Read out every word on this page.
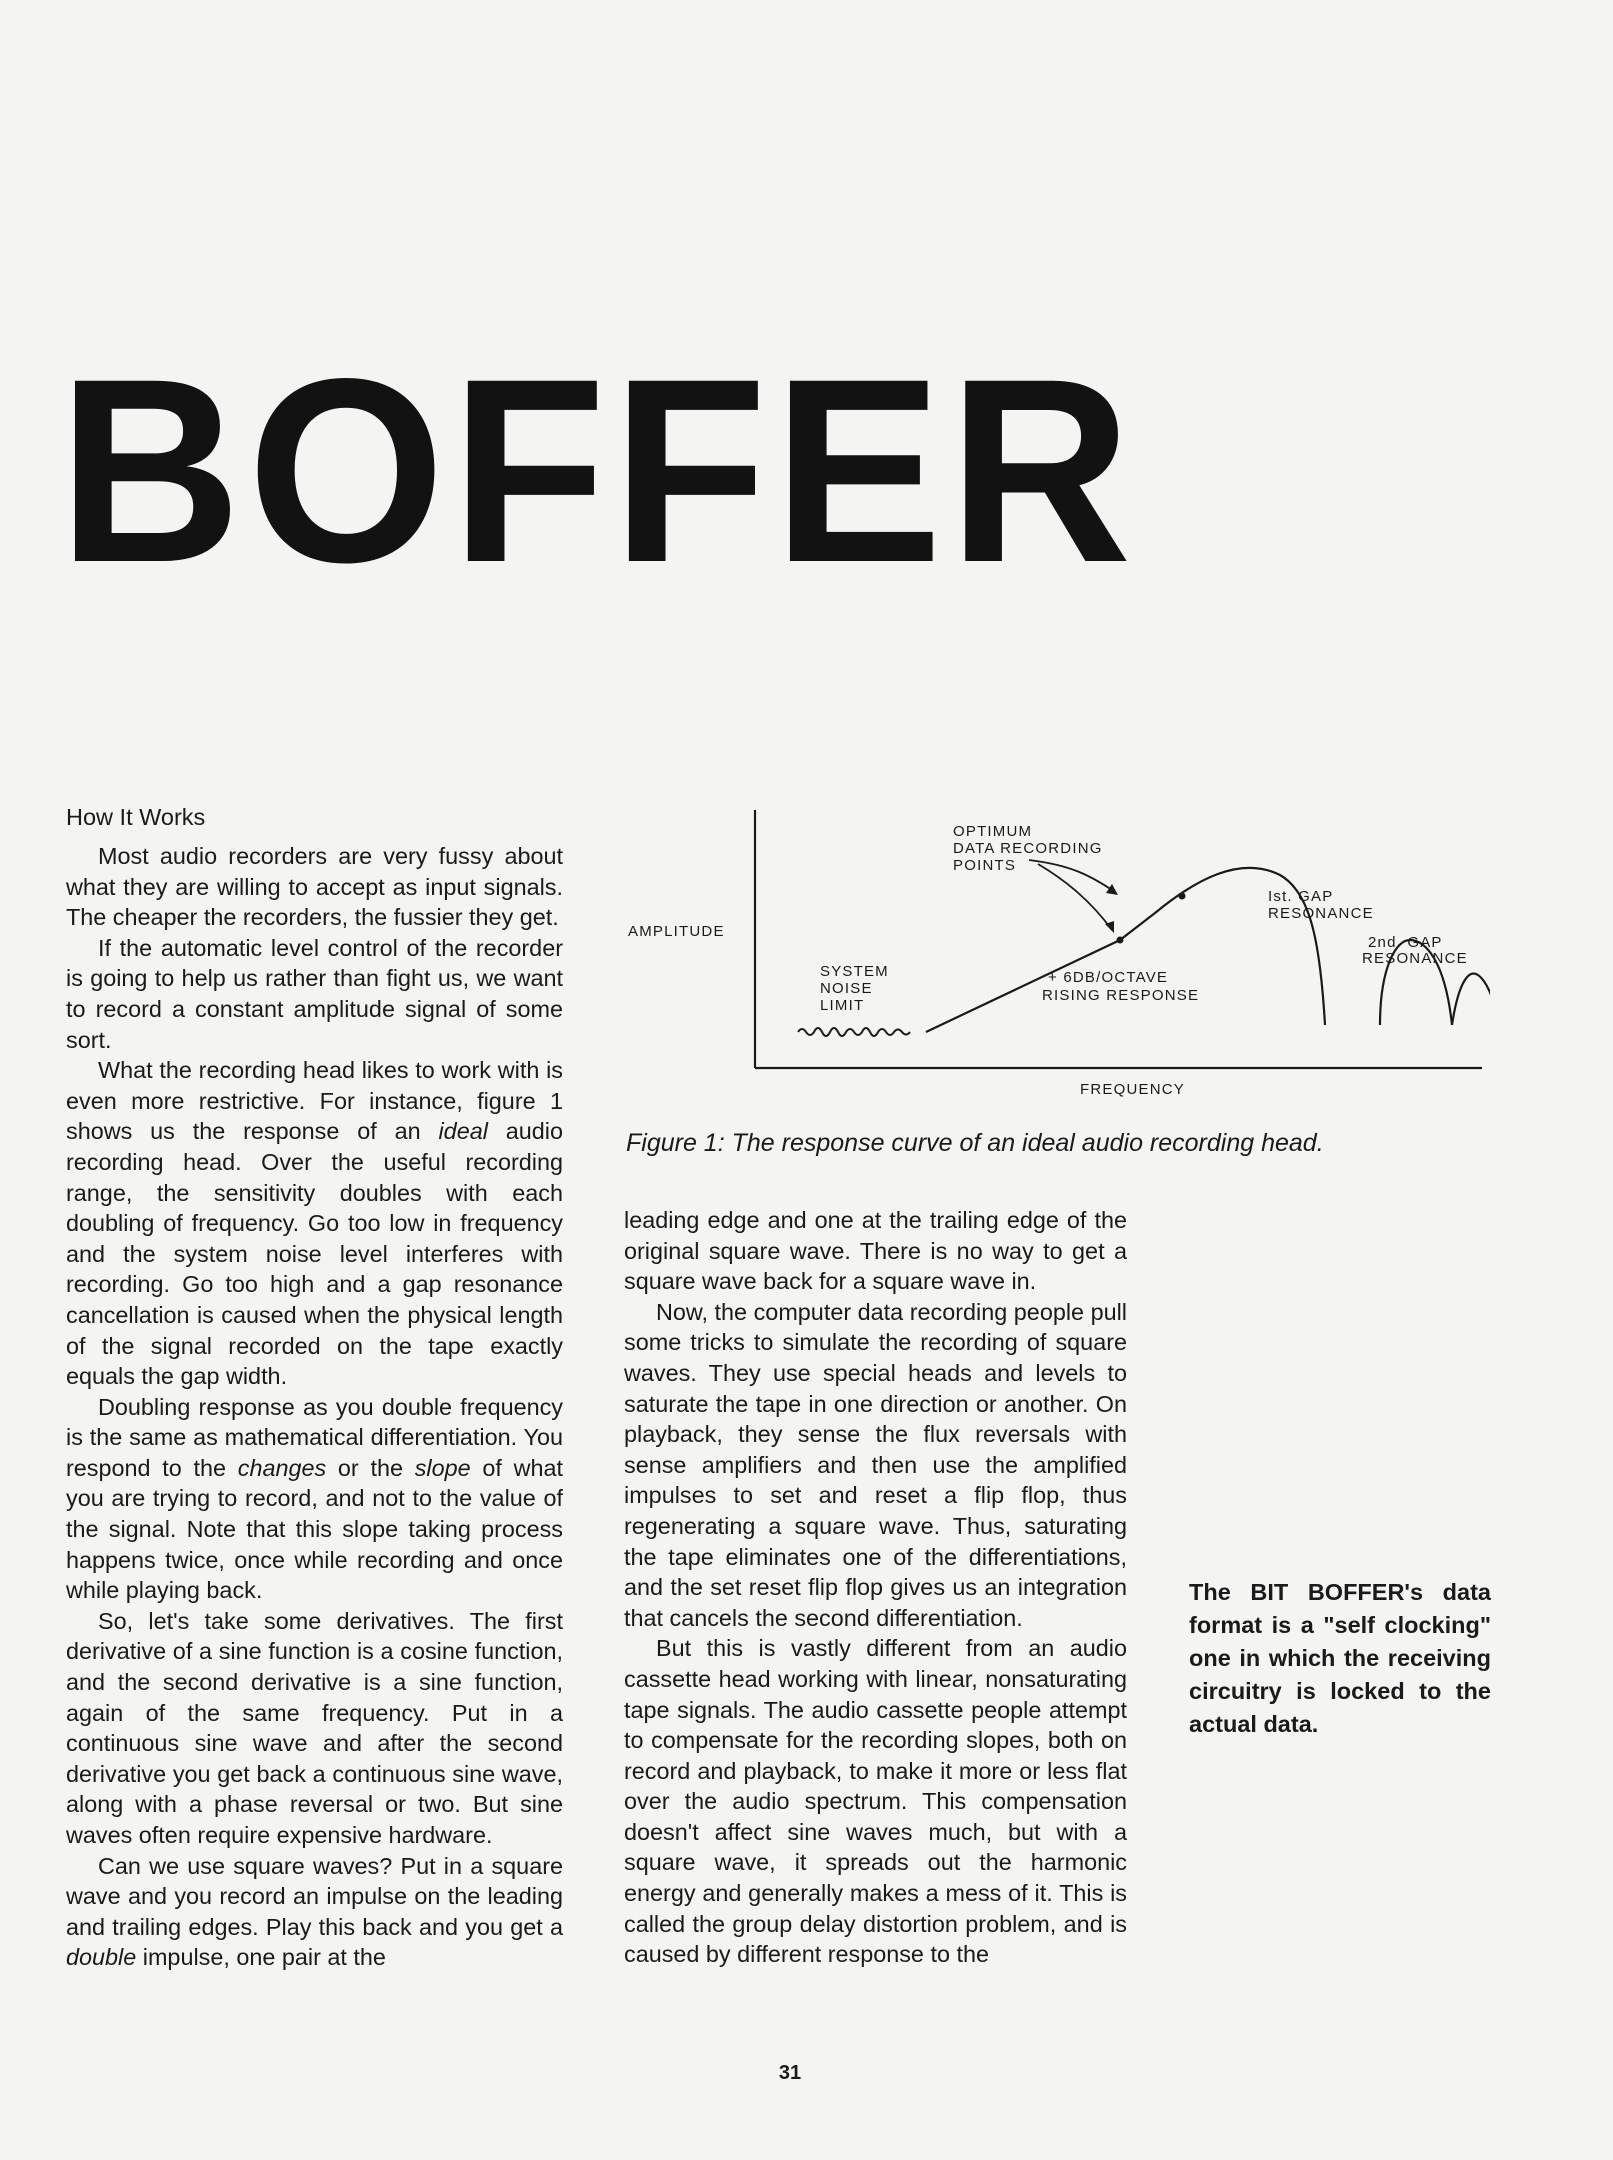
BOFFER
How It Works

Most audio recorders are very fussy about what they are willing to accept as input signals. The cheaper the recorders, the fussier they get.

If the automatic level control of the recorder is going to help us rather than fight us, we want to record a constant amplitude signal of some sort.

What the recording head likes to work with is even more restrictive. For instance, figure 1 shows us the response of an ideal audio recording head. Over the useful recording range, the sensitivity doubles with each doubling of frequency. Go too low in frequency and the system noise level interferes with recording. Go too high and a gap resonance cancellation is caused when the physical length of the signal recorded on the tape exactly equals the gap width.

Doubling response as you double frequency is the same as mathematical differentiation. You respond to the changes or the slope of what you are trying to record, and not to the value of the signal. Note that this slope taking process happens twice, once while recording and once while playing back.

So, let's take some derivatives. The first derivative of a sine function is a cosine function, and the second derivative is a sine function, again of the same frequency. Put in a continuous sine wave and after the second derivative you get back a continuous sine wave, along with a phase reversal or two. But sine waves often require expensive hardware.

Can we use square waves? Put in a square wave and you record an impulse on the leading and trailing edges. Play this back and you get a double impulse, one pair at the

AMPLITUDE
FREQUENCY
OPTIMUM
DATA RECORDING
POINTS
SYSTEM
NOISE
LIMIT
+ 6DB/OCTAVE
RISING RESPONSE
Ist. GAP
RESONANCE
2nd. GAP
RESONANCE
Figure 1: The response curve of an ideal audio recording head.

leading edge and one at the trailing edge of the original square wave. There is no way to get a square wave back for a square wave in.

Now, the computer data recording people pull some tricks to simulate the recording of square waves. They use special heads and levels to saturate the tape in one direction or another. On playback, they sense the flux reversals with sense amplifiers and then use the amplified impulses to set and reset a flip flop, thus regenerating a square wave. Thus, saturating the tape eliminates one of the differentiations, and the set reset flip flop gives us an integration that cancels the second differentiation.

But this is vastly different from an audio cassette head working with linear, nonsaturating tape signals. The audio cassette people attempt to compensate for the recording slopes, both on record and playback, to make it more or less flat over the audio spectrum. This compensation doesn't affect sine waves much, but with a square wave, it spreads out the harmonic energy and generally makes a mess of it. This is called the group delay distortion problem, and is caused by different response to the

The BIT BOFFER's data format is a "self clocking" one in which the receiving circuitry is locked to the actual data.
31
